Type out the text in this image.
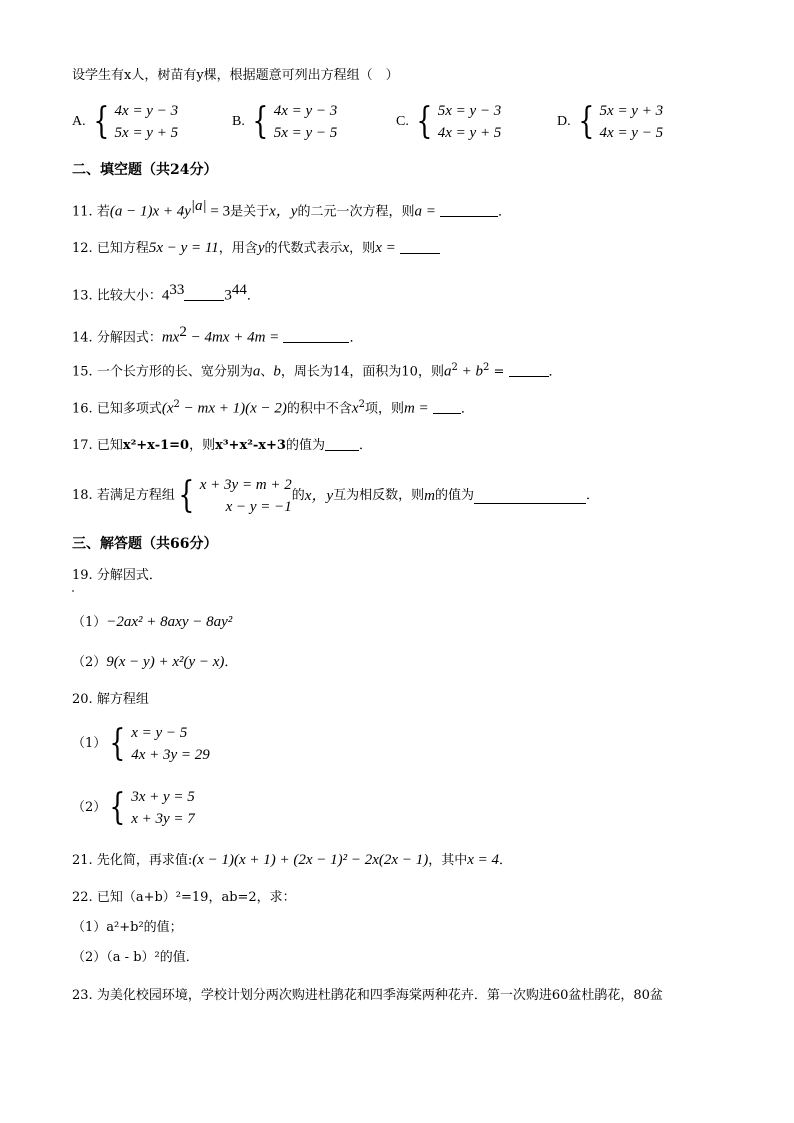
设学生有x人，树苗有y棵，根据题意可列出方程组（　）
A. { 4x = y − 3
5x = y + 5
B. { 4x = y − 3
5x = y − 5
C. { 5x = y − 3
4x = y + 5
D. { 5x = y + 3
4x = y − 5
二、填空题（共24分）
11. 若$(a - 1)x + 4y^{|a|} = 3$是关于x，y的二元一次方程，则a =	．
12. 已知方程5x − y = 11，用含y的代数式表示x，则x =
13. 比较大小：$4^{33}$	$3^{44}$．
14. 分解因式：$mx^2 - 4mx + 4m$ =	．
15. 一个长方形的长、宽分别为a、b，周长为14，面积为10，则$a^2 + b^2$ =	．
16. 已知多项式($x^2$ − mx + 1)(x − 2)的积中不含$x^2$项，则m = ．
17. 已知x²+x-1=0，则x³+x²-x+3的值为	．
18.
若满足方程组 { x + 3y = m + 2
x − y = −1
的 x，y 互为相反数，则 m 的值为	．
三、解答题（共66分）
19. 分解因式．
（1）−2ax² + 8axy − 8ay²
（2）9(x − y) + x²(y − x)．
20. 解方程组
（1） { x = y − 5
4x + 3y = 29
（2） { 3x + y = 5
x + 3y = 7
21. 先化简，再求值:(x − 1)(x + 1) + (2x − 1)² − 2x(2x − 1)，其中x = 4．
22. 已知（a+b）²=19，ab=2，求：
（1）a²+b²的值；
（2）（a - b）²的值．
23. 为美化校园环境，学校计划分两次购进杜鹃花和四季海棠两种花卉．第一次购进60盆杜鹃花，80盆
